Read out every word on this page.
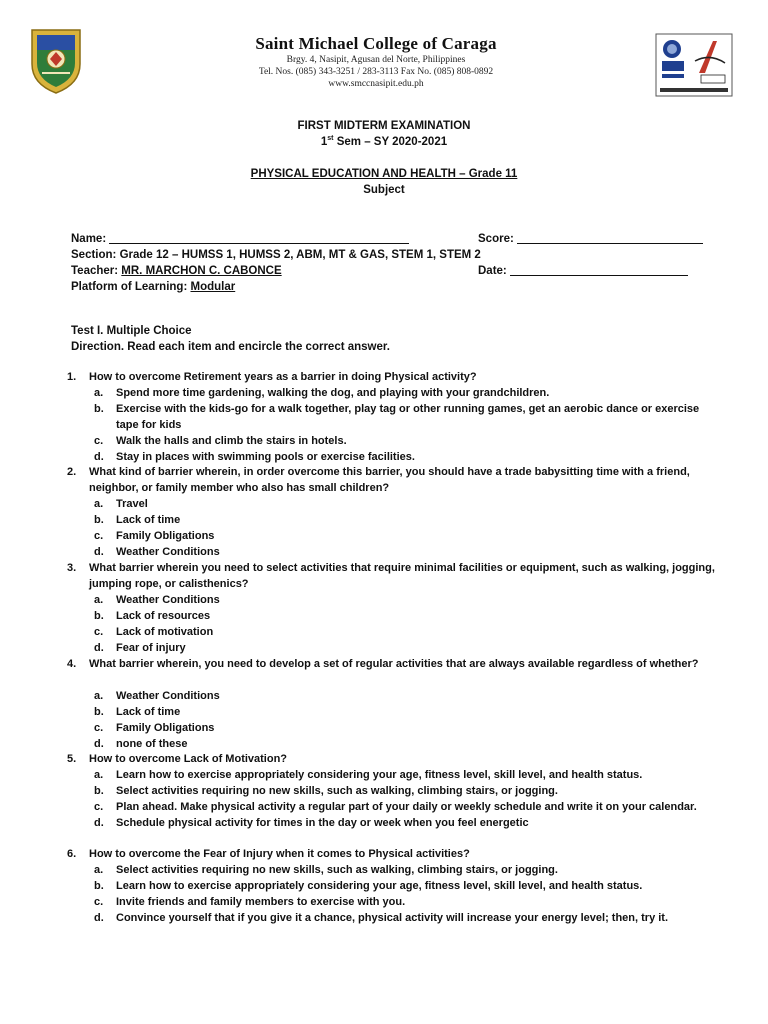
Saint Michael College of Caraga
Brgy. 4, Nasipit, Agusan del Norte, Philippines
Tel. Nos. (085) 343-3251 / 283-3113 Fax No. (085) 808-0892
www.smccnasipit.edu.ph
FIRST MIDTERM EXAMINATION
1st Sem – SY 2020-2021
PHYSICAL EDUCATION AND HEALTH – Grade 11
Subject
Name:	Score:
Section: Grade 12 – HUMSS 1, HUMSS 2, ABM, MT & GAS, STEM 1, STEM 2
Teacher: MR. MARCHON C. CABONCE	Date:
Platform of Learning: Modular
Test I. Multiple Choice
Direction. Read each item and encircle the correct answer.
1. How to overcome Retirement years as a barrier in doing Physical activity?
a. Spend more time gardening, walking the dog, and playing with your grandchildren.
b. Exercise with the kids-go for a walk together, play tag or other running games, get an aerobic dance or exercise tape for kids
c. Walk the halls and climb the stairs in hotels.
d. Stay in places with swimming pools or exercise facilities.
2. What kind of barrier wherein, in order overcome this barrier, you should have a trade babysitting time with a friend, neighbor, or family member who also has small children?
a. Travel
b. Lack of time
c. Family Obligations
d. Weather Conditions
3. What barrier wherein you need to select activities that require minimal facilities or equipment, such as walking, jogging, jumping rope, or calisthenics?
a. Weather Conditions
b. Lack of resources
c. Lack of motivation
d. Fear of injury
4. What barrier wherein, you need to develop a set of regular activities that are always available regardless of whether?
a. Weather Conditions
b. Lack of time
c. Family Obligations
d. none of these
5. How to overcome Lack of Motivation?
a. Learn how to exercise appropriately considering your age, fitness level, skill level, and health status.
b. Select activities requiring no new skills, such as walking, climbing stairs, or jogging.
c. Plan ahead. Make physical activity a regular part of your daily or weekly schedule and write it on your calendar.
d. Schedule physical activity for times in the day or week when you feel energetic
6. How to overcome the Fear of Injury when it comes to Physical activities?
a. Select activities requiring no new skills, such as walking, climbing stairs, or jogging.
b. Learn how to exercise appropriately considering your age, fitness level, skill level, and health status.
c. Invite friends and family members to exercise with you.
d. Convince yourself that if you give it a chance, physical activity will increase your energy level; then, try it.
